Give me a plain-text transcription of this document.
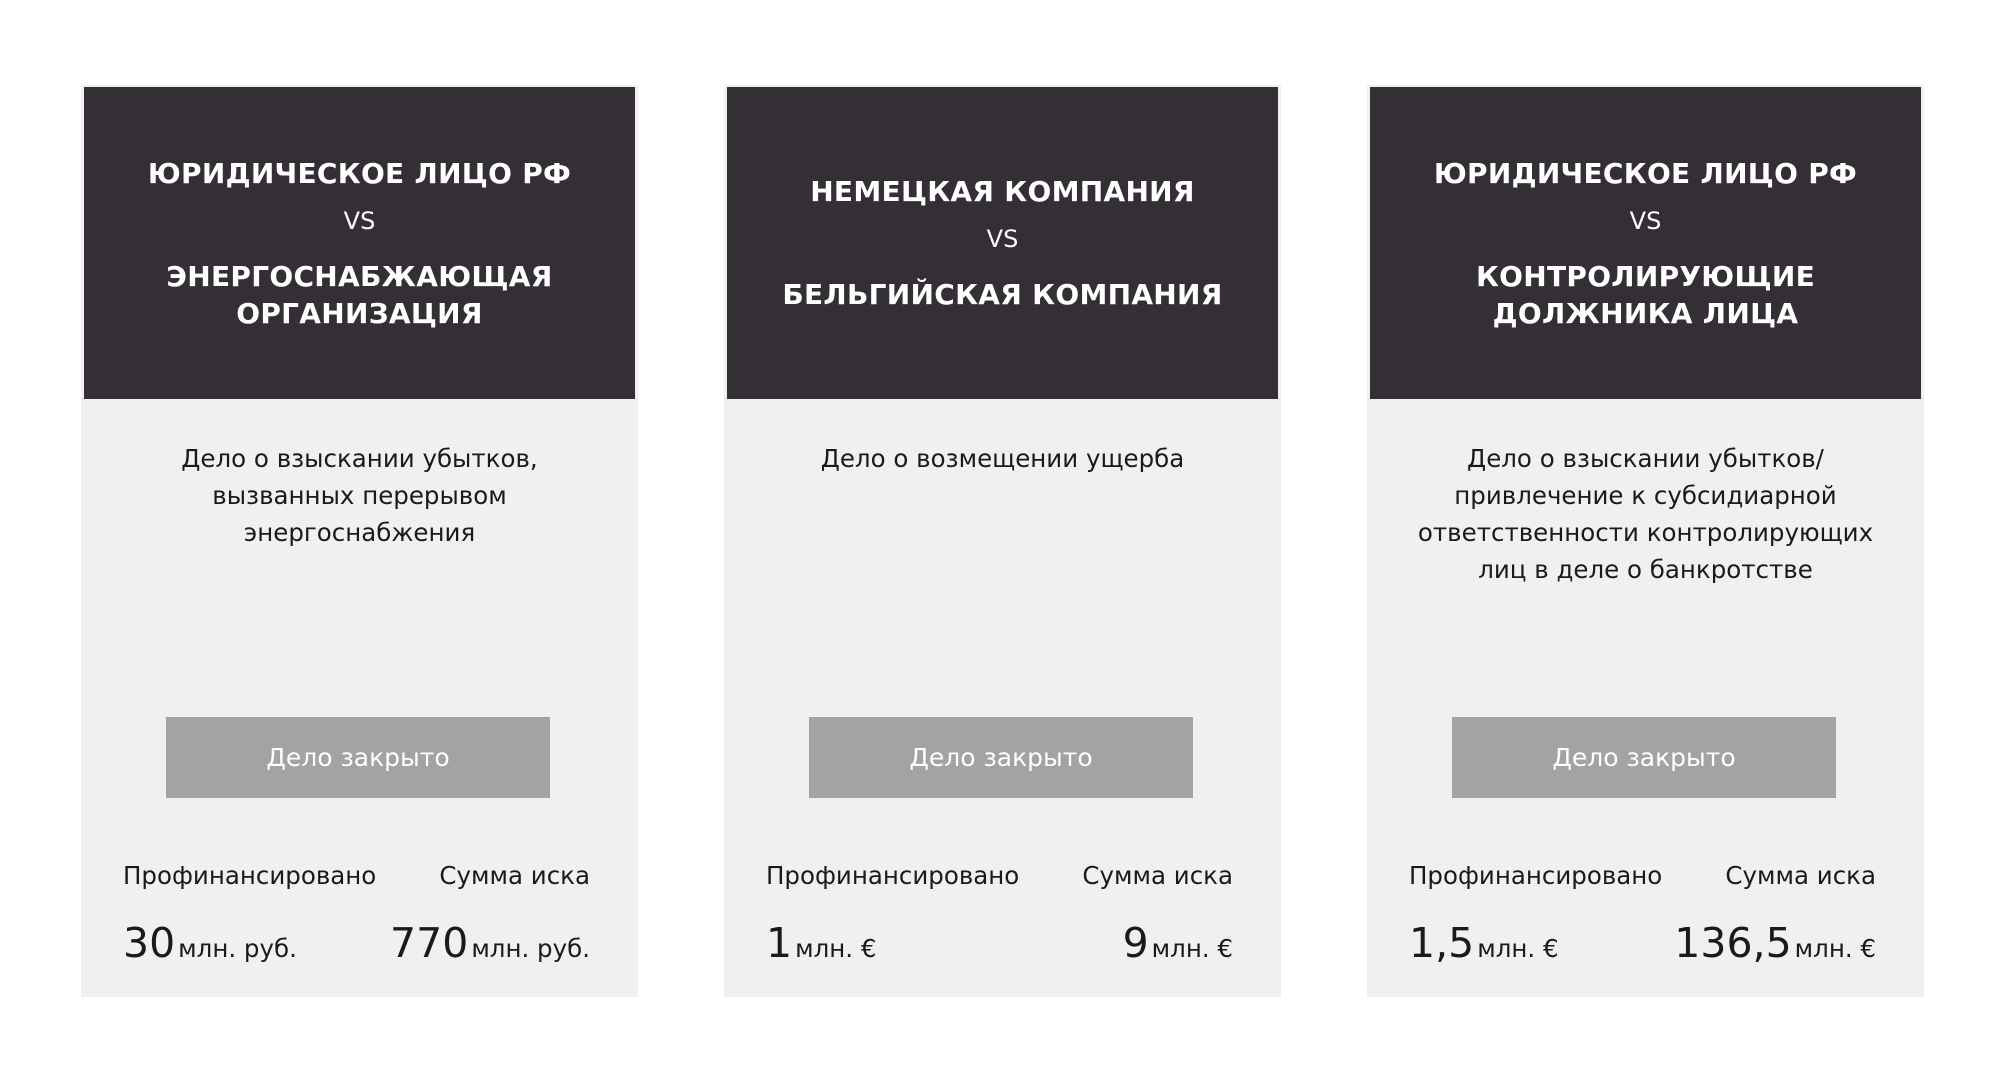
ЮРИДИЧЕСКОЕ ЛИЦО РФ
VS
ЭНЕРГОСНАБЖАЮЩАЯ ОРГАНИЗАЦИЯ
Дело о взыскании убытков, вызванных перерывом энергоснабжения
Дело закрыто
Профинансировано	Сумма иска
30 млн. руб. 770 млн. руб.
НЕМЕЦКАЯ КОМПАНИЯ
VS
БЕЛЬГИЙСКАЯ КОМПАНИЯ
Дело о возмещении ущерба
Дело закрыто
Профинансировано	Сумма иска
1 млн. €	9 млн. €
ЮРИДИЧЕСКОЕ ЛИЦО РФ
VS
КОНТРОЛИРУЮЩИЕ ДОЛЖНИКА ЛИЦА
Дело о взыскании убытков/ привлечение к субсидиарной ответственности контролирующих лиц в деле о банкротстве
Дело закрыто
Профинансировано	Сумма иска
1,5 млн. €	136,5 млн. €
